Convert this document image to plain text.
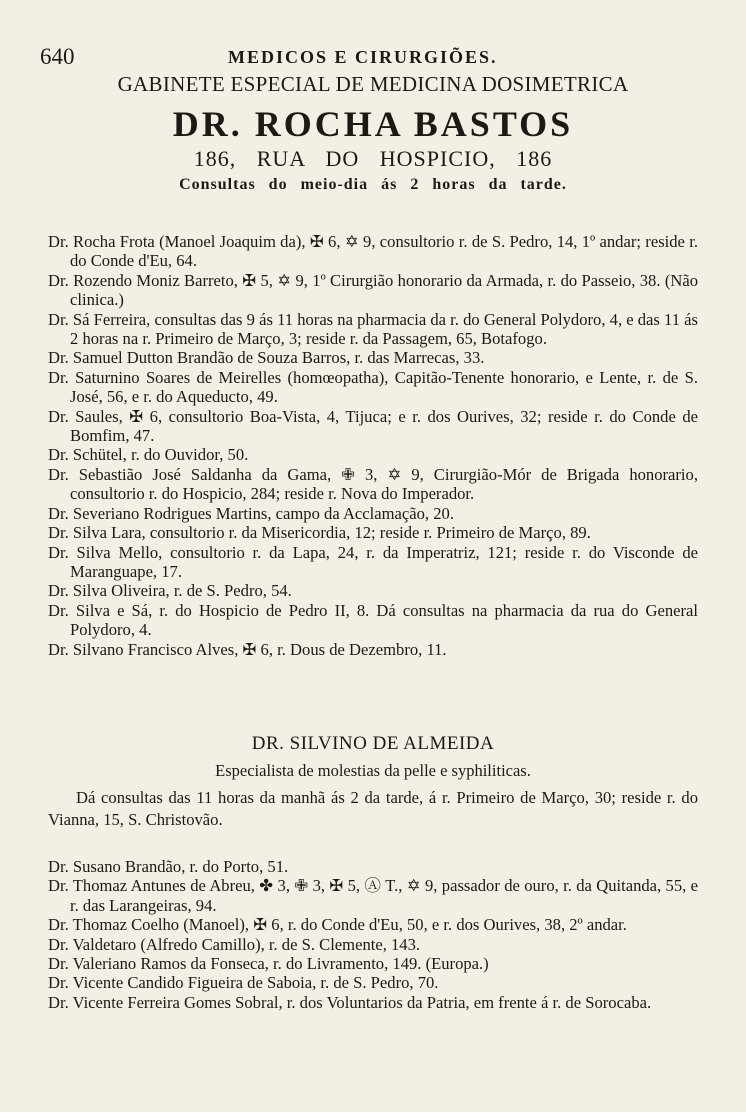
640	MEDICOS E CIRURGIÕES.
GABINETE ESPECIAL DE MEDICINA DOSIMETRICA
DR. ROCHA BASTOS
186, RUA DO HOSPICIO, 186
Consultas do meio-dia ás 2 horas da tarde.
Dr. Rocha Frota (Manoel Joaquim da), ✠ 6, ✡ 9, consultorio r. de S. Pedro, 14, 1º andar; reside r. do Conde d'Eu, 64.
Dr. Rozendo Moniz Barreto, ✠ 5, ✡ 9, 1º Cirurgião honorario da Armada, r. do Passeio, 38. (Não clinica.)
Dr. Sá Ferreira, consultas das 9 ás 11 horas na pharmacia da r. do General Polydoro, 4, e das 11 ás 2 horas na r. Primeiro de Março, 3; reside r. da Passagem, 65, Botafogo.
Dr. Samuel Dutton Brandão de Souza Barros, r. das Marrecas, 33.
Dr. Saturnino Soares de Meirelles (homœopatha), Capitão-Tenente honorario, e Lente, r. de S. José, 56, e r. do Aqueducto, 49.
Dr. Saules, ✠ 6, consultorio Boa-Vista, 4, Tijuca; e r. dos Ourives, 32; reside r. do Conde de Bomfim, 47.
Dr. Schütel, r. do Ouvidor, 50.
Dr. Sebastião José Saldanha da Gama, ✙ 3, ✡ 9, Cirurgião-Mór de Brigada honorario, consultorio r. do Hospicio, 284; reside r. Nova do Imperador.
Dr. Severiano Rodrigues Martins, campo da Acclamação, 20.
Dr. Silva Lara, consultorio r. da Misericordia, 12; reside r. Primeiro de Março, 89.
Dr. Silva Mello, consultorio r. da Lapa, 24, r. da Imperatriz, 121; reside r. do Visconde de Maranguape, 17.
Dr. Silva Oliveira, r. de S. Pedro, 54.
Dr. Silva e Sá, r. do Hospicio de Pedro II, 8. Dá consultas na pharmacia da rua do General Polydoro, 4.
Dr. Silvano Francisco Alves, ✠ 6, r. Dous de Dezembro, 11.
DR. SILVINO DE ALMEIDA
Especialista de molestias da pelle e syphiliticas.
Dá consultas das 11 horas da manhã ás 2 da tarde, á r. Primeiro de Março, 30; reside r. do Vianna, 15, S. Christovão.
Dr. Susano Brandão, r. do Porto, 51.
Dr. Thomaz Antunes de Abreu, ✤ 3, ✙ 3, ✠ 5, Ⓐ T., ✡ 9, passador de ouro, r. da Quitanda, 55, e r. das Larangeiras, 94.
Dr. Thomaz Coelho (Manoel), ✠ 6, r. do Conde d'Eu, 50, e r. dos Ourives, 38, 2º andar.
Dr. Valdetaro (Alfredo Camillo), r. de S. Clemente, 143.
Dr. Valeriano Ramos da Fonseca, r. do Livramento, 149. (Europa.)
Dr. Vicente Candido Figueira de Saboia, r. de S. Pedro, 70.
Dr. Vicente Ferreira Gomes Sobral, r. dos Voluntarios da Patria, em frente á r. de Sorocaba.
